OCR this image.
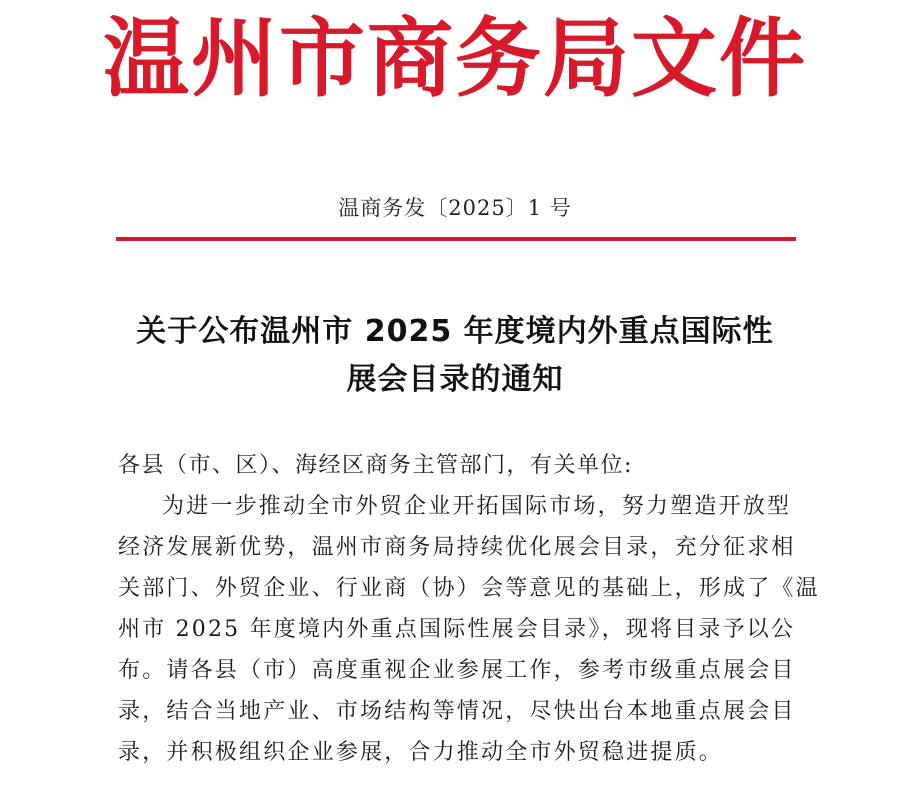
温州市商务局文件
温商务发〔2025〕1 号
关于公布温州市 2025 年度境内外重点国际性
展会目录的通知
各县（市、区）、海经区商务主管部门，有关单位:
为进一步推动全市外贸企业开拓国际市场，努力塑造开放型
经济发展新优势，温州市商务局持续优化展会目录，充分征求相
关部门、外贸企业、行业商（协）会等意见的基础上，形成了《温
州市 2025 年度境内外重点国际性展会目录》，现将目录予以公
布。请各县（市）高度重视企业参展工作，参考市级重点展会目
录，结合当地产业、市场结构等情况，尽快出台本地重点展会目
录，并积极组织企业参展，合力推动全市外贸稳进提质。
